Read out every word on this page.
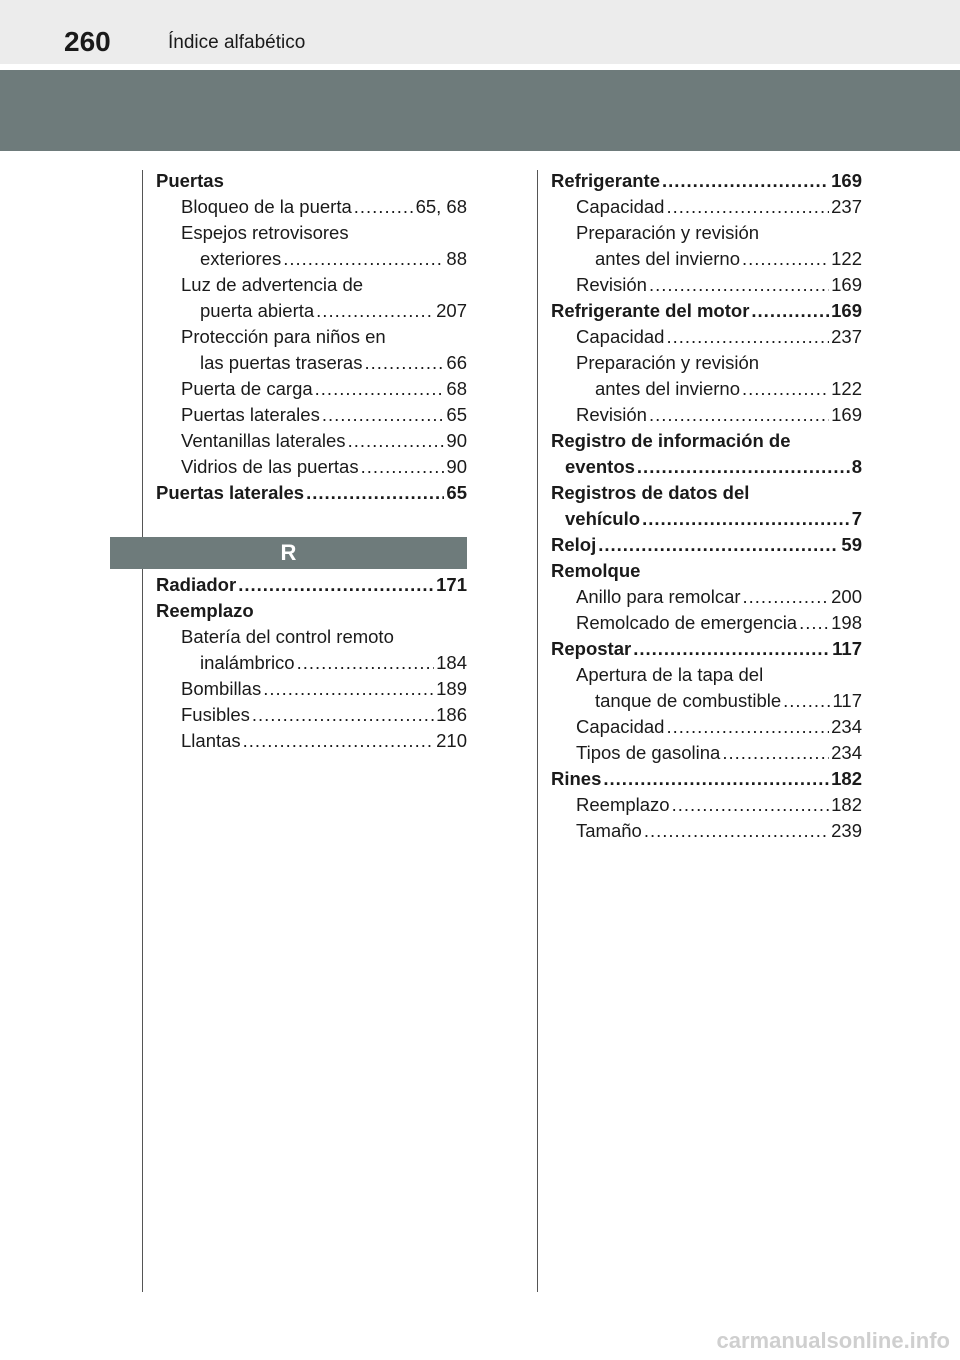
260	Índice alfabético
Puertas
Bloqueo de la puerta .....	65, 68
Espejos retrovisores
exteriores .....	88
Luz de advertencia de
puerta abierta .....	207
Protección para niños en
las puertas traseras .....	66
Puerta de carga .....	68
Puertas laterales .....	65
Ventanillas laterales .....	90
Vidrios de las puertas .....	90
Puertas laterales .....	65
R
Radiador .....	171
Reemplazo
Batería del control remoto
inalámbrico .....	184
Bombillas .....	189
Fusibles .....	186
Llantas .....	210
Refrigerante .....	169
Capacidad .....	237
Preparación y revisión
antes del invierno .....	122
Revisión .....	169
Refrigerante del motor .....	169
Capacidad .....	237
Preparación y revisión
antes del invierno .....	122
Revisión .....	169
Registro de información de
eventos .....	8
Registros de datos del
vehículo .....	7
Reloj .....	59
Remolque
Anillo para remolcar .....	200
Remolcado de emergencia ..... 198
Repostar .....	117
Apertura de la tapa del
tanque de combustible .....	117
Capacidad .....	234
Tipos de gasolina .....	234
Rines .....	182
Reemplazo .....	182
Tamaño .....	239
carmanualsonline.info
